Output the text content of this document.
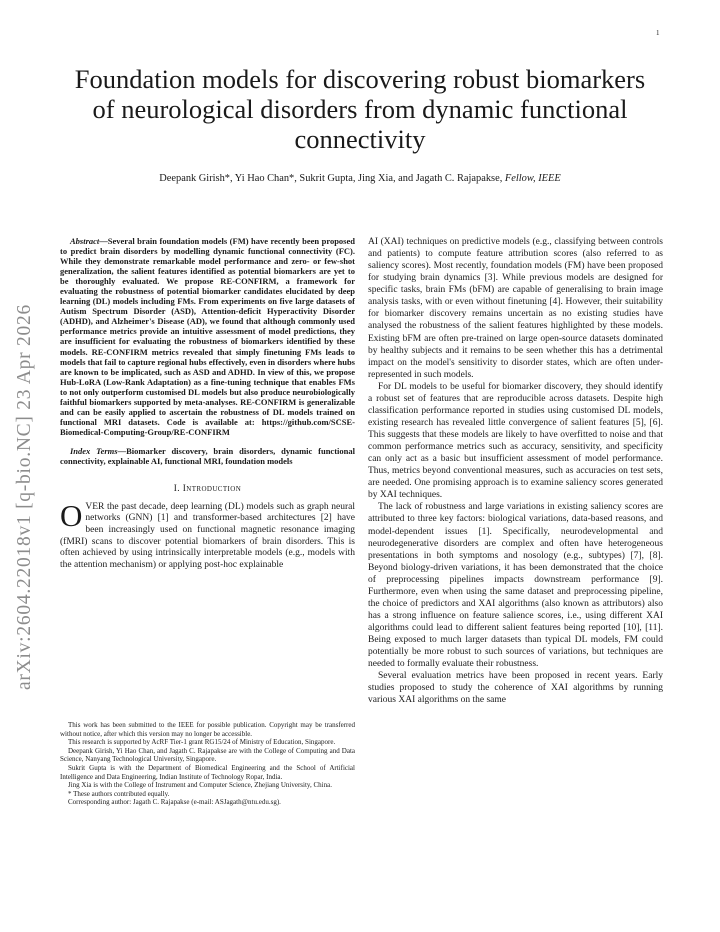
1
arXiv:2604.22018v1 [q-bio.NC] 23 Apr 2026
Foundation models for discovering robust biomarkers of neurological disorders from dynamic functional connectivity
Deepank Girish*, Yi Hao Chan*, Sukrit Gupta, Jing Xia, and Jagath C. Rajapakse, Fellow, IEEE

Abstract—Several brain foundation models (FM) have recently been proposed to predict brain disorders by modelling dynamic functional connectivity (FC). While they demonstrate remarkable model performance and zero- or few-shot generalization, the salient features identified as potential biomarkers are yet to be thoroughly evaluated. We propose RE-CONFIRM, a framework for evaluating the robustness of potential biomarker candidates elucidated by deep learning (DL) models including FMs. From experiments on five large datasets of Autism Spectrum Disorder (ASD), Attention-deficit Hyperactivity Disorder (ADHD), and Alzheimer's Disease (AD), we found that although commonly used performance metrics provide an intuitive assessment of model predictions, they are insufficient for evaluating the robustness of biomarkers identified by these models. RE-CONFIRM metrics revealed that simply finetuning FMs leads to models that fail to capture regional hubs effectively, even in disorders where hubs are known to be implicated, such as ASD and ADHD. In view of this, we propose Hub-LoRA (Low-Rank Adaptation) as a fine-tuning technique that enables FMs to not only outperform customised DL models but also produce neurobiologically faithful biomarkers supported by meta-analyses. RE-CONFIRM is generalizable and can be easily applied to ascertain the robustness of DL models trained on functional MRI datasets. Code is available at: https://github.com/SCSE-Biomedical-Computing-Group/RE-CONFIRM

Index Terms—Biomarker discovery, brain disorders, dynamic functional connectivity, explainable AI, functional MRI, foundation models

I. Introduction

OVER the past decade, deep learning (DL) models such as graph neural networks (GNN) [1] and transformer-based architectures [2] have been increasingly used on functional magnetic resonance imaging (fMRI) scans to discover potential biomarkers of brain disorders. This is often achieved by using intrinsically interpretable models (e.g., models with the attention mechanism) or applying post-hoc explainable

This work has been submitted to the IEEE for possible publication. Copyright may be transferred without notice, after which this version may no longer be accessible.

This research is supported by AcRF Tier-1 grant RG15/24 of Ministry of Education, Singapore.

Deepank Girish, Yi Hao Chan, and Jagath C. Rajapakse are with the College of Computing and Data Science, Nanyang Technological University, Singapore.

Sukrit Gupta is with the Department of Biomedical Engineering and the School of Artificial Intelligence and Data Engineering, Indian Institute of Technology Ropar, India.

Jing Xia is with the College of Instrument and Computer Science, Zhejiang University, China.

* These authors contributed equally.

Corresponding author: Jagath C. Rajapakse (e-mail: ASJagath@ntu.edu.sg).

AI (XAI) techniques on predictive models (e.g., classifying between controls and patients) to compute feature attribution scores (also referred to as saliency scores). Most recently, foundation models (FM) have been proposed for studying brain dynamics [3]. While previous models are designed for specific tasks, brain FMs (bFM) are capable of generalising to brain image analysis tasks, with or even without finetuning [4]. However, their suitability for biomarker discovery remains uncertain as no existing studies have analysed the robustness of the salient features highlighted by these models. Existing bFM are often pre-trained on large open-source datasets dominated by healthy subjects and it remains to be seen whether this has a detrimental impact on the model's sensitivity to disorder states, which are often under-represented in such models.

For DL models to be useful for biomarker discovery, they should identify a robust set of features that are reproducible across datasets. Despite high classification performance reported in studies using customised DL models, existing research has revealed little convergence of salient features [5], [6]. This suggests that these models are likely to have overfitted to noise and that common performance metrics such as accuracy, sensitivity, and specificity can only act as a basic but insufficient assessment of model performance. Thus, metrics beyond conventional measures, such as accuracies on test sets, are needed. One promising approach is to examine saliency scores generated by XAI techniques.

The lack of robustness and large variations in existing saliency scores are attributed to three key factors: biological variations, data-based reasons, and model-dependent issues [1]. Specifically, neurodevelopmental and neurodegenerative disorders are complex and often have heterogeneous presentations in both symptoms and nosology (e.g., subtypes) [7], [8]. Beyond biology-driven variations, it has been demonstrated that the choice of preprocessing pipelines impacts downstream performance [9]. Furthermore, even when using the same dataset and preprocessing pipeline, the choice of predictors and XAI algorithms (also known as attributors) also has a strong influence on feature salience scores, i.e., using different XAI algorithms could lead to different salient features being reported [10], [11]. Being exposed to much larger datasets than typical DL models, FM could potentially be more robust to such sources of variations, but techniques are needed to formally evaluate their robustness.

Several evaluation metrics have been proposed in recent years. Early studies proposed to study the coherence of XAI algorithms by running various XAI algorithms on the same
